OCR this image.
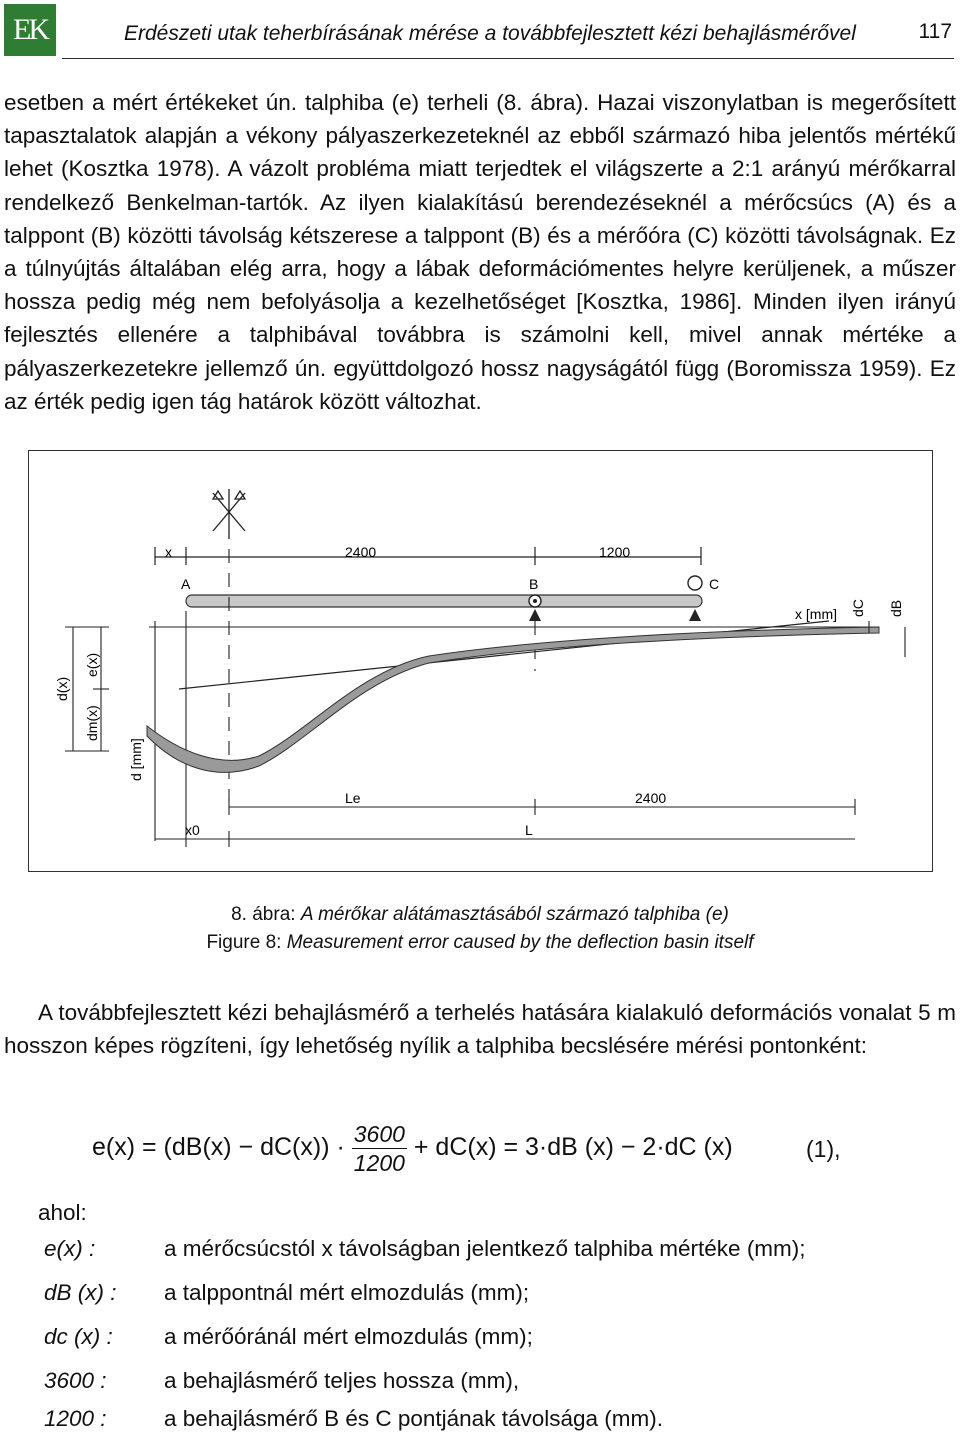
EK	Erdészeti utak teherbírásának mérése a továbbfejlesztett kézi behajlásmérővel	117
esetben a mért értékeket ún. talphiba (e) terheli (8. ábra). Hazai viszonylatban is megerősített tapasztalatok alapján a vékony pályaszerkezeteknél az ebből származó hiba jelentős mértékű lehet (Kosztka 1978). A vázolt probléma miatt terjedtek el világszerte a 2:1 arányú mérőkarral rendelkező Benkelman-tartók. Az ilyen kialakítású berendezéseknél a mérőcsúcs (A) és a talppont (B) közötti távolság kétszerese a talppont (B) és a mérőóra (C) közötti távolságnak. Ez a túlnyújtás általában elég arra, hogy a lábak deformációmentes helyre kerüljenek, a műszer hossza pedig még nem befolyásolja a kezelhetőséget [Kosztka, 1986]. Minden ilyen irányú fejlesztés ellenére a talphibával továbbra is számolni kell, mivel annak mértéke a pályaszerkezetekre jellemző ún. együttdolgozó hossz nagyságától függ (Boromissza 1959). Ez az érték pedig igen tág határok között változhat.
x	2400	1200
A	B	C
x [mm]
d(x)
e(x)
dm(x)
d [mm]
dC dB
Le	2400
x0	L
8. ábra: A mérőkar alátámasztásából származó talphiba (e)
Figure 8: Measurement error caused by the deflection basin itself
A továbbfejlesztett kézi behajlásmérő a terhelés hatására kialakuló deformációs vonalat 5 m hosszon képes rögzíteni, így lehetőség nyílik a talphiba becslésére mérési pontonként:
$e(x) = (dB(x) - dC(x)) \cdot \frac{3600}{1200} + dC(x) = 3\cdot dB$ (x) − 2·dC (x)	(1),
ahol:
e(x) :	a mérőcsúcstól x távolságban jelentkező talphiba mértéke (mm);
dB (x) : a talppontnál mért elmozdulás (mm);
dc (x) : a mérőóránál mért elmozdulás (mm);
3600 :	a behajlásmérő teljes hossza (mm),
1200 :	a behajlásmérő B és C pontjának távolsága (mm).
